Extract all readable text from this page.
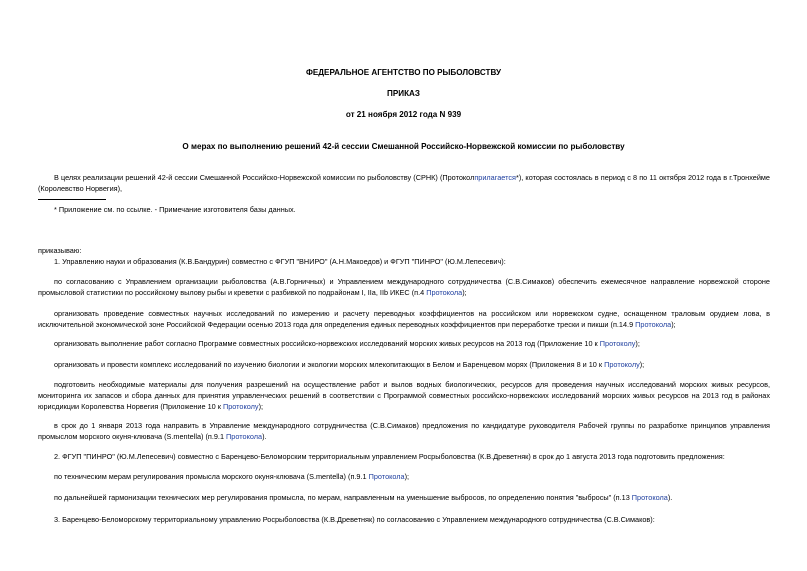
ФЕДЕРАЛЬНОЕ АГЕНТСТВО ПО РЫБОЛОВСТВУ
ПРИКАЗ
от 21 ноября 2012 года N 939
О мерах по выполнению решений 42-й сессии Смешанной Российско-Норвежской комиссии по рыболовству
В целях реализации решений 42-й сессии Смешанной Российско-Норвежской комиссии по рыболовству (СРНК) (Протоколприлагается*), которая состоялась в период с 8 по 11 октября 2012 года в г.Тронхейме (Королевство Норвегия),
* Приложение см. по ссылке. - Примечание изготовителя базы данных.
приказываю:
1. Управлению науки и образования (К.В.Бандурин) совместно с ФГУП "ВНИРО" (А.Н.Макоедов) и ФГУП "ПИНРО" (Ю.М.Лепесевич):
по согласованию с Управлением организации рыболовства (А.В.Горничных) и Управлением международного сотрудничества (С.В.Симаков) обеспечить ежемесячное направление норвежской стороне промысловой статистики по российскому вылову рыбы и креветки с разбивкой по подрайонам I, IIa, IIb ИКЕС (п.4 Протокола);
организовать проведение совместных научных исследований по измерению и расчету переводных коэффициентов на российском или норвежском судне, оснащенном траловым орудием лова, в исключительной экономической зоне Российской Федерации осенью 2013 года для определения единых переводных коэффициентов при переработке трески и пикши (п.14.9 Протокола);
организовать выполнение работ согласно Программе совместных российско-норвежских исследований морских живых ресурсов на 2013 год (Приложение 10 к Протоколу);
организовать и провести комплекс исследований по изучению биологии и экологии морских млекопитающих в Белом и Баренцевом морях (Приложения 8 и 10 к Протоколу);
подготовить необходимые материалы для получения разрешений на осуществление работ и вылов водных биологических, ресурсов для проведения научных исследований морских живых ресурсов, мониторинга их запасов и сбора данных для принятия управленческих решений в соответствии с Программой совместных российско-норвежских исследований морских живых ресурсов на 2013 год в районах юрисдикции Королевства Норвегия (Приложение 10 к Протоколу);
в срок до 1 января 2013 года направить в Управление международного сотрудничества (С.В.Симаков) предложения по кандидатуре руководителя Рабочей группы по разработке принципов управления промыслом морского окуня-клювача (S.mentella) (п.9.1 Протокола).
2. ФГУП "ПИНРО" (Ю.М.Лепесевич) совместно с Баренцево-Беломорским территориальным управлением Росрыболовства (К.В.Древетняк) в срок до 1 августа 2013 года подготовить предложения:
по техническим мерам регулирования промысла морского окуня-клювача (S.mentella) (п.9.1 Протокола);
по дальнейшей гармонизации технических мер регулирования промысла, по мерам, направленным на уменьшение выбросов, по определению понятия "выбросы" (п.13 Протокола).
3. Баренцево-Беломорскому территориальному управлению Росрыболовства (К.В.Древетняк) по согласованию с Управлением международного сотрудничества (С.В.Симаков):
